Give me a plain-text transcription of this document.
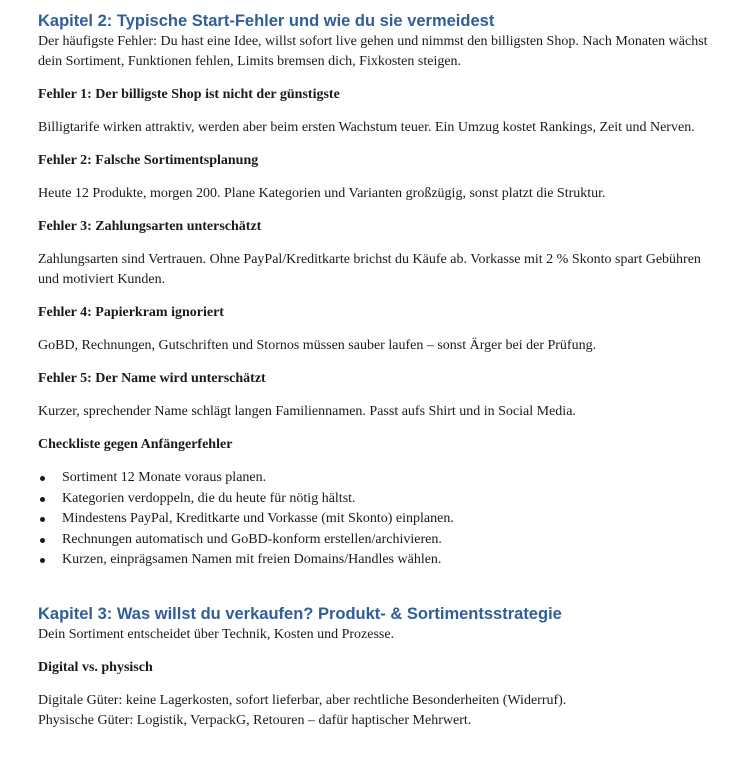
Kapitel 2: Typische Start-Fehler und wie du sie vermeidest

Der häufigste Fehler: Du hast eine Idee, willst sofort live gehen und nimmst den billigsten Shop. Nach Monaten wächst dein Sortiment, Funktionen fehlen, Limits bremsen dich, Fixkosten steigen.

Fehler 1: Der billigste Shop ist nicht der günstigste

Billigtarife wirken attraktiv, werden aber beim ersten Wachstum teuer. Ein Umzug kostet Rankings, Zeit und Nerven.

Fehler 2: Falsche Sortimentsplanung

Heute 12 Produkte, morgen 200. Plane Kategorien und Varianten großzügig, sonst platzt die Struktur.

Fehler 3: Zahlungsarten unterschätzt

Zahlungsarten sind Vertrauen. Ohne PayPal/Kreditkarte brichst du Käufe ab. Vorkasse mit 2 % Skonto spart Gebühren und motiviert Kunden.

Fehler 4: Papierkram ignoriert

GoBD, Rechnungen, Gutschriften und Stornos müssen sauber laufen – sonst Ärger bei der Prüfung.

Fehler 5: Der Name wird unterschätzt

Kurzer, sprechender Name schlägt langen Familiennamen. Passt aufs Shirt und in Social Media.

Checkliste gegen Anfängerfehler

Sortiment 12 Monate voraus planen.
Kategorien verdoppeln, die du heute für nötig hältst.
Mindestens PayPal, Kreditkarte und Vorkasse (mit Skonto) einplanen.
Rechnungen automatisch und GoBD-konform erstellen/archivieren.
Kurzen, einprägsamen Namen mit freien Domains/Handles wählen.
Kapitel 3: Was willst du verkaufen? Produkt- & Sortimentsstrategie

Dein Sortiment entscheidet über Technik, Kosten und Prozesse.

Digital vs. physisch

Digitale Güter: keine Lagerkosten, sofort lieferbar, aber rechtliche Besonderheiten (Widerruf).

Physische Güter: Logistik, VerpackG, Retouren – dafür haptischer Mehrwert.
